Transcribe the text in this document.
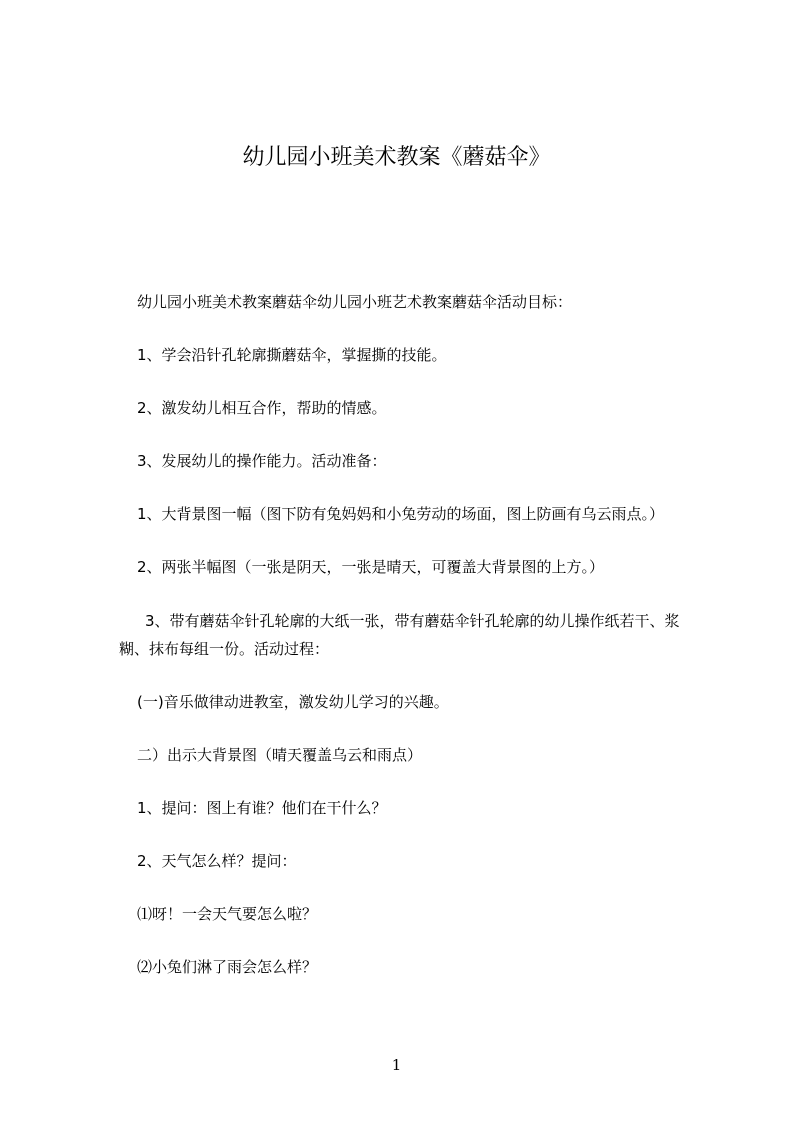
幼儿园小班美术教案《蘑菇伞》
幼儿园小班美术教案蘑菇伞幼儿园小班艺术教案蘑菇伞活动目标：
1、学会沿针孔轮廓撕蘑菇伞，掌握撕的技能。
2、激发幼儿相互合作，帮助的情感。
3、发展幼儿的操作能力。活动准备：
1、大背景图一幅（图下防有兔妈妈和小兔劳动的场面，图上防画有乌云雨点。）
2、两张半幅图（一张是阴天，一张是晴天，可覆盖大背景图的上方。）
3、带有蘑菇伞针孔轮廓的大纸一张，带有蘑菇伞针孔轮廓的幼儿操作纸若干、浆
糊、抹布每组一份。活动过程：
(一)音乐做律动进教室，激发幼儿学习的兴趣。
二）出示大背景图（晴天覆盖乌云和雨点）
1、提问：图上有谁？他们在干什么？
2、天气怎么样？提问：
⑴呀！一会天气要怎么啦？
⑵小兔们淋了雨会怎么样？
1
